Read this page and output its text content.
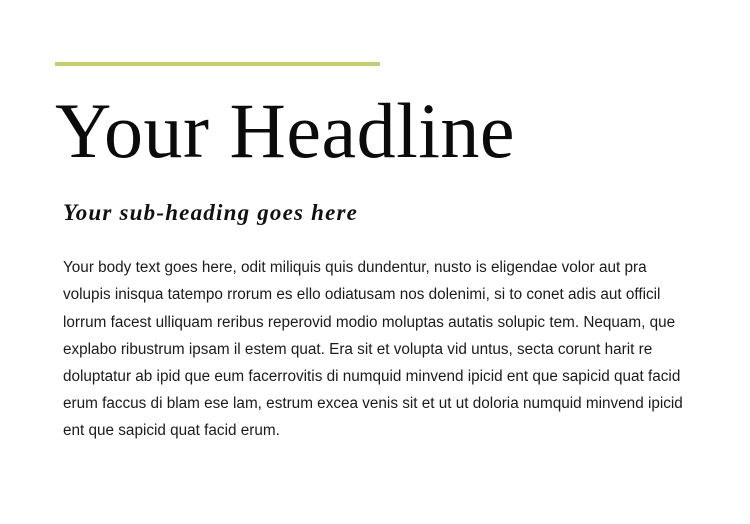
Your Headline
Your sub-heading goes here

Your body text goes here, odit miliquis quis dundentur, nusto is eligendae volor aut pra volupis inisqua tatempo rrorum es ello odiatusam nos dolenimi, si to conet adis aut officil lorrum facest ulliquam reribus reperovid modio moluptas autatis solupic tem. Nequam, que explabo ribustrum ipsam il estem quat. Era sit et volupta vid untus, secta corunt harit re doluptatur ab ipid que eum facerrovitis di numquid minvend ipicid ent que sapicid quat facid erum faccus di blam ese lam, estrum excea venis sit et ut ut doloria numquid minvend ipicid ent que sapicid quat facid erum.
